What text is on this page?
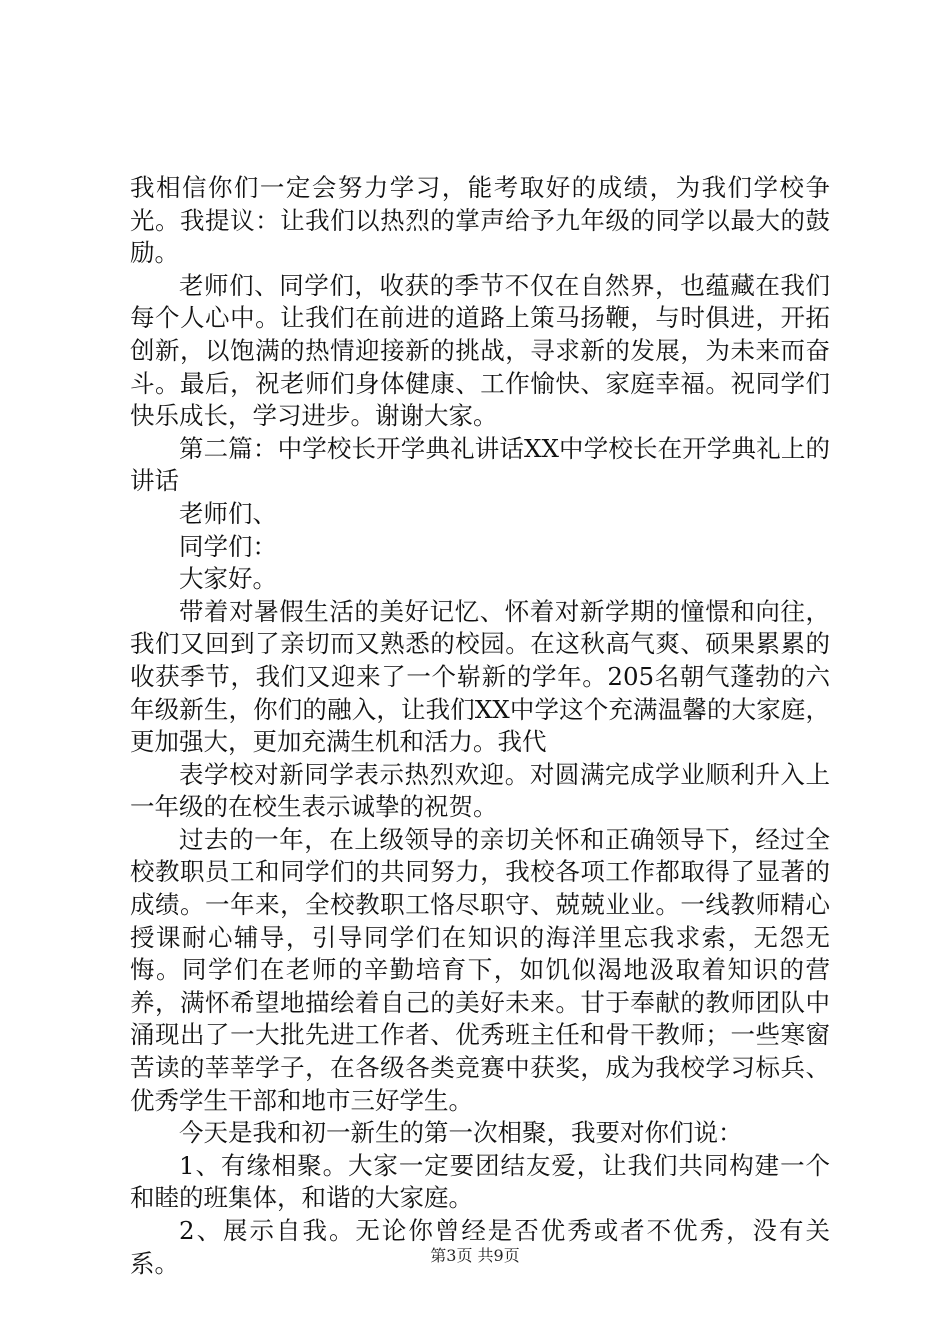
我相信你们一定会努力学习，能考取好的成绩，为我们学校争光。我提议：让我们以热烈的掌声给予九年级的同学以最大的鼓励。

老师们、同学们，收获的季节不仅在自然界，也蕴藏在我们每个人心中。让我们在前进的道路上策马扬鞭，与时俱进，开拓创新，以饱满的热情迎接新的挑战，寻求新的发展，为未来而奋斗。最后，祝老师们身体健康、工作愉快、家庭幸福。祝同学们快乐成长，学习进步。谢谢大家。

第二篇：中学校长开学典礼讲话XX中学校长在开学典礼上的讲话

老师们、

同学们：

大家好。

带着对暑假生活的美好记忆、怀着对新学期的憧憬和向往，我们又回到了亲切而又熟悉的校园。在这秋高气爽、硕果累累的收获季节，我们又迎来了一个崭新的学年。205名朝气蓬勃的六年级新生，你们的融入，让我们XX中学这个充满温馨的大家庭，更加强大，更加充满生机和活力。我代

表学校对新同学表示热烈欢迎。对圆满完成学业顺利升入上一年级的在校生表示诚挚的祝贺。

过去的一年，在上级领导的亲切关怀和正确领导下，经过全校教职员工和同学们的共同努力，我校各项工作都取得了显著的成绩。一年来，全校教职工恪尽职守、兢兢业业。一线教师精心授课耐心辅导，引导同学们在知识的海洋里忘我求索，无怨无悔。同学们在老师的辛勤培育下，如饥似渴地汲取着知识的营养，满怀希望地描绘着自己的美好未来。甘于奉献的教师团队中涌现出了一大批先进工作者、优秀班主任和骨干教师；一些寒窗苦读的莘莘学子，在各级各类竞赛中获奖，成为我校学习标兵、优秀学生干部和地市三好学生。

今天是我和初一新生的第一次相聚，我要对你们说：

1、有缘相聚。大家一定要团结友爱，让我们共同构建一个和睦的班集体，和谐的大家庭。

2、展示自我。无论你曾经是否优秀或者不优秀，没有关系。	第3页 共9页
